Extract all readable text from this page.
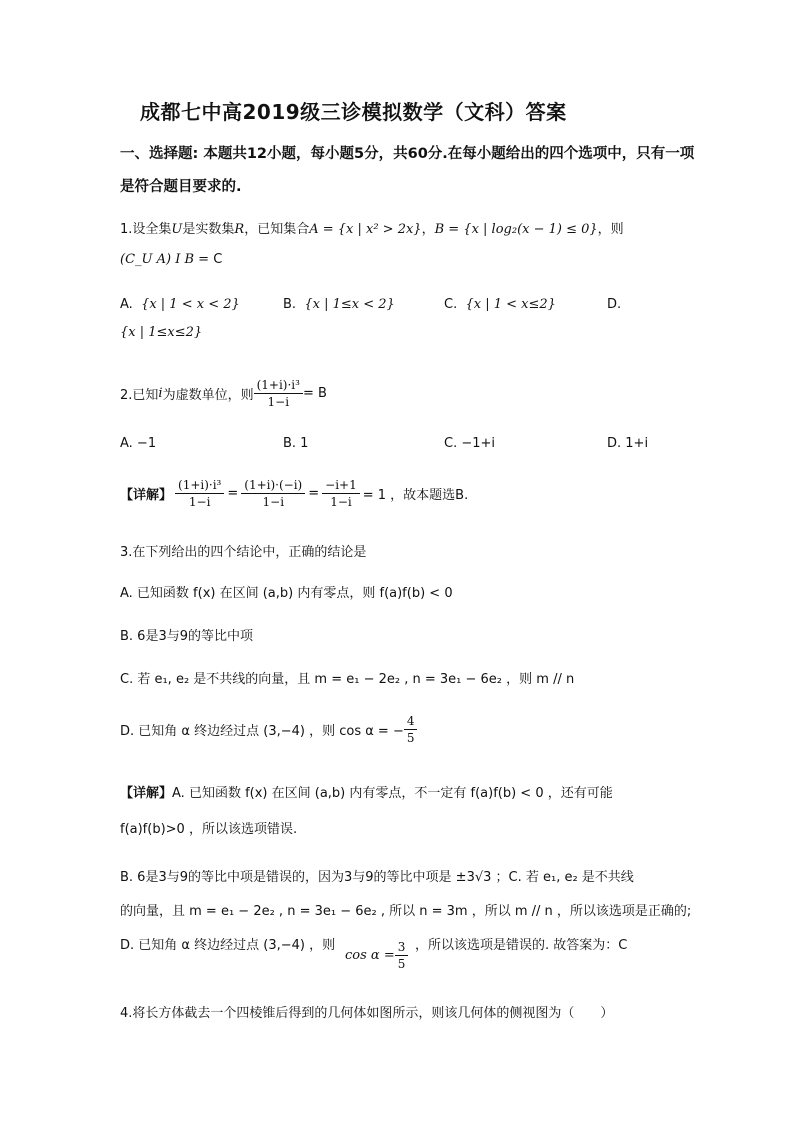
成都七中高2019级三诊模拟数学（文科）答案
一、选择题: 本题共12小题，每小题5分，共60分.在每小题给出的四个选项中，只有一项
是符合题目要求的.
1.设全集U是实数集R，已知集合A = {x | x² > 2x}，B = {x | log₂(x − 1) ≤ 0}，则
(C_U A) I B = C
A. {x | 1 < x < 2}	B. {x | 1≤x < 2}	C. {x | 1 < x≤2}	D.
{x | 1≤x≤2}
2.已知 i 为虚数单位，则 $\frac{\text{(1+i)·i³}}{1-i}$ =
B
A. −1	B. 1	C. −1+i	D. 1+i
【详解】 $\frac{\text{(1+i)·i³}}{1-i} = \frac{(1+i)\cdot(-i)}{1-i} = \frac{-i+1}{1-i} = 1$ ，故本题选B.
3.在下列给出的四个结论中，正确的结论是
A. 已知函数 f(x) 在区间 (a,b) 内有零点，则 f(a)f(b) < 0
B. 6是3与9的等比中项
C. 若 e₁, e₂ 是不共线的向量，且 m = e₁ − 2e₂ , n = 3e₁ − 6e₂ ，则 m // n
D. 已知角 α 终边经过点 (3,−4) ，则 cos α = − $\frac{4}{5}$
【详解】A. 已知函数 f(x) 在区间 (a,b) 内有零点，不一定有 f(a)f(b) < 0 ，还有可能
f(a)f(b)>0 ，所以该选项错误.
B. 6是3与9的等比中项是错误的，因为3与9的等比中项是 ±3√3 ；C. 若 e₁, e₂ 是不共线
的向量，且 m = e₁ − 2e₂ , n = 3e₁ − 6e₂ , 所以 n = 3m ，所以 m // n ，所以该选项是正确的;
D. 已知角 α 终边经过点 (3,−4) ，则
$\cos \alpha = \frac{3}{5}$ ，所以该选项是错误的. 故答案为：C
4.将长方体截去一个四棱锥后得到的几何体如图所示，则该几何体的侧视图为（　　）
